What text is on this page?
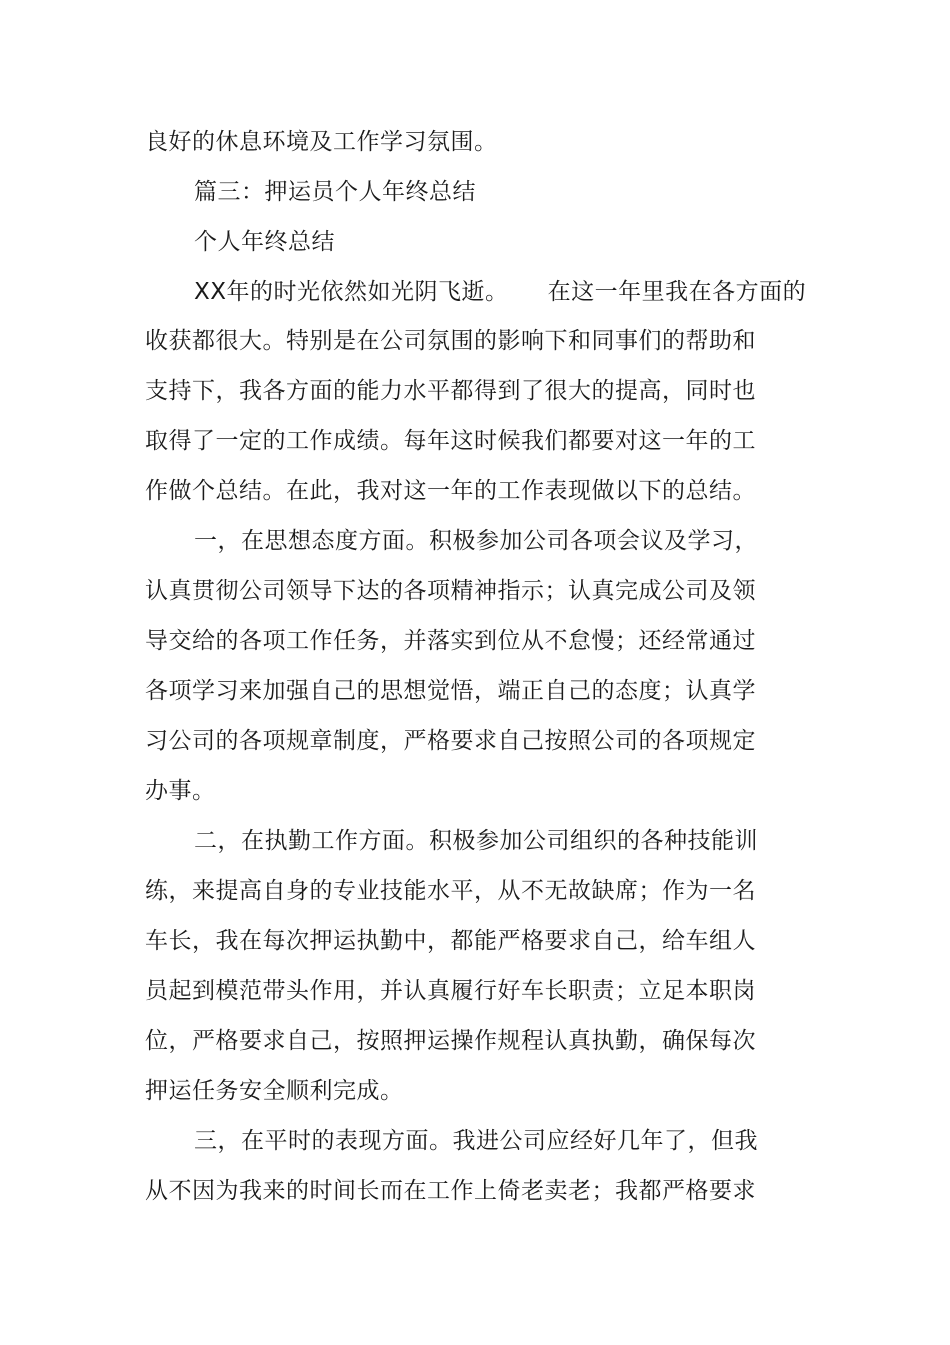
良好的休息环境及工作学习氛围。
篇三：押运员个人年终总结
个人年终总结
XX年的时光依然如光阴飞逝。     在这一年里我在各方面的
收获都很大。特别是在公司氛围的影响下和同事们的帮助和
支持下，我各方面的能力水平都得到了很大的提高，同时也
取得了一定的工作成绩。每年这时候我们都要对这一年的工
作做个总结。在此，我对这一年的工作表现做以下的总结。
一，在思想态度方面。积极参加公司各项会议及学习，
认真贯彻公司领导下达的各项精神指示；认真完成公司及领
导交给的各项工作任务，并落实到位从不怠慢；还经常通过
各项学习来加强自己的思想觉悟，端正自己的态度；认真学
习公司的各项规章制度，严格要求自己按照公司的各项规定
办事。
二，在执勤工作方面。积极参加公司组织的各种技能训
练，来提高自身的专业技能水平，从不无故缺席；作为一名
车长，我在每次押运执勤中，都能严格要求自己，给车组人
员起到模范带头作用，并认真履行好车长职责；立足本职岗
位，严格要求自己，按照押运操作规程认真执勤，确保每次
押运任务安全顺利完成。
三，在平时的表现方面。我进公司应经好几年了，但我
从不因为我来的时间长而在工作上倚老卖老；我都严格要求
